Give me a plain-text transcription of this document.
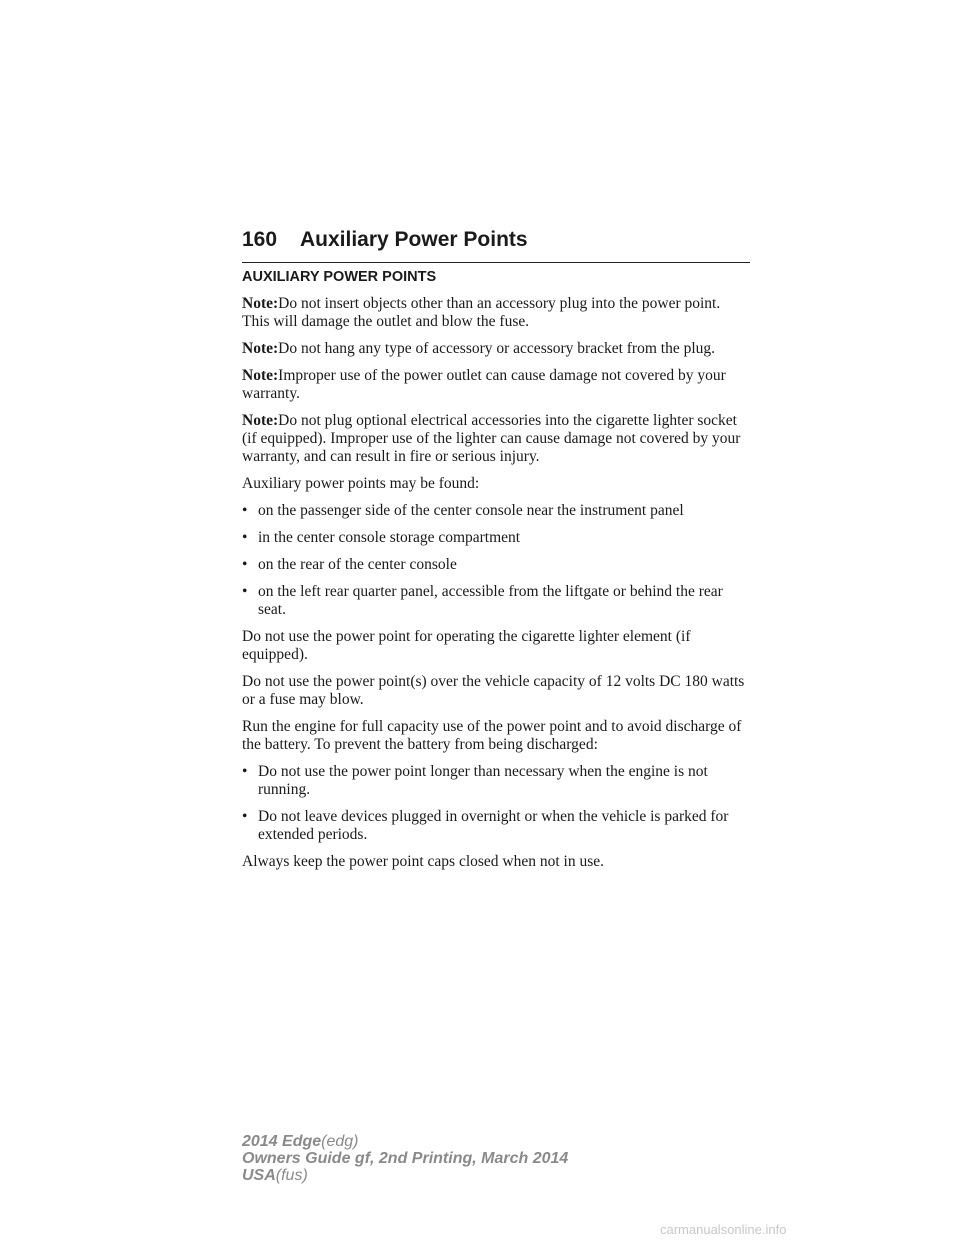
160 Auxiliary Power Points
AUXILIARY POWER POINTS

Note:Do not insert objects other than an accessory plug into the power point. This will damage the outlet and blow the fuse.

Note:Do not hang any type of accessory or accessory bracket from the plug.

Note:Improper use of the power outlet can cause damage not covered by your warranty.

Note:Do not plug optional electrical accessories into the cigarette lighter socket (if equipped). Improper use of the lighter can cause damage not covered by your warranty, and can result in fire or serious injury.

Auxiliary power points may be found:

• on the passenger side of the center console near the instrument panel
• in the center console storage compartment
• on the rear of the center console
• on the left rear quarter panel, accessible from the liftgate or behind the rear seat.

Do not use the power point for operating the cigarette lighter element (if equipped).

Do not use the power point(s) over the vehicle capacity of 12 volts DC 180 watts or a fuse may blow.

Run the engine for full capacity use of the power point and to avoid discharge of the battery. To prevent the battery from being discharged:

• Do not use the power point longer than necessary when the engine is not running.
• Do not leave devices plugged in overnight or when the vehicle is parked for extended periods.

Always keep the power point caps closed when not in use.

2014 Edge(edg)
Owners Guide gf, 2nd Printing, March 2014
USA(fus)
carmanualsonline.info
